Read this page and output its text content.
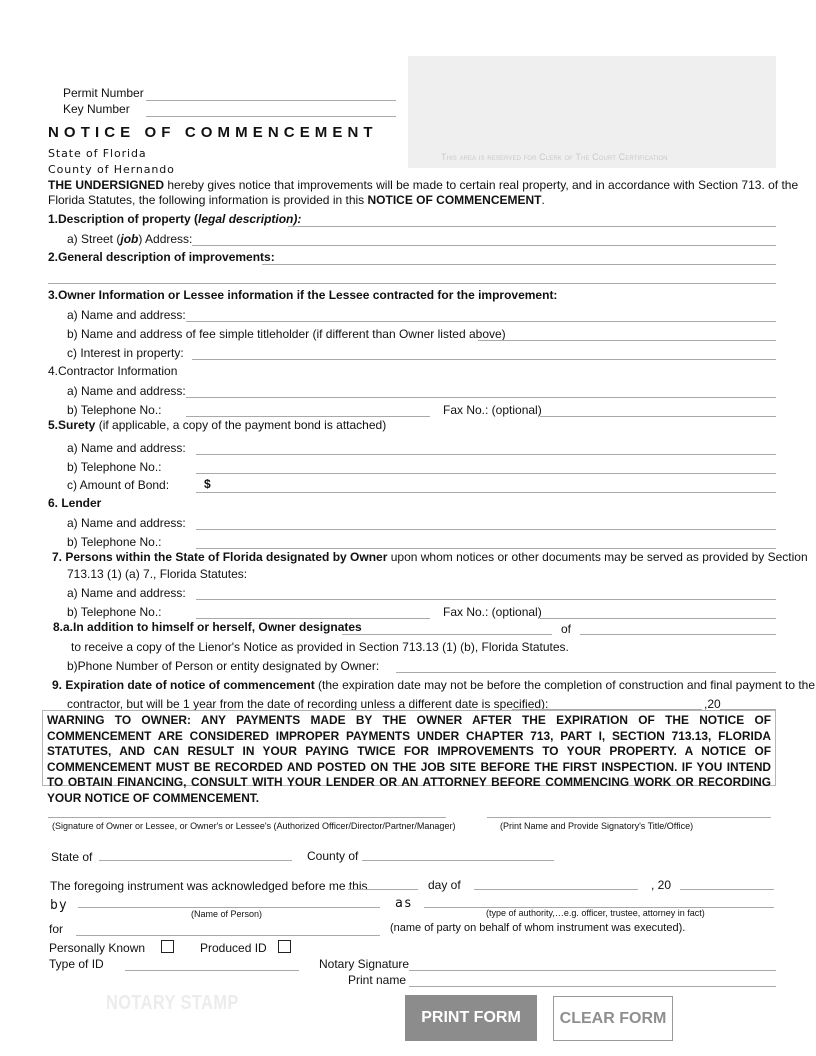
This area is reserved for Clerk of The Court Certification
Permit Number
Key Number
NOTICE OF COMMENCEMENT
State of Florida
County of Hernando
THE UNDERSIGNED hereby gives notice that improvements will be made to certain real property, and in accordance with Section 713. of the
Florida Statutes, the following information is provided in this NOTICE OF COMMENCEMENT.
1.Description of property (legal description):
a) Street (job) Address:
2.General description of improvements:
3.Owner Information or Lessee information if the Lessee contracted for the improvement:
a) Name and address:
b) Name and address of fee simple titleholder (if different than Owner listed above)
c) Interest in property:
4.Contractor Information
a) Name and address:
b) Telephone No.:	Fax No.: (optional)
5.Surety (if applicable, a copy of the payment bond is attached)
a) Name and address:
b) Telephone No.:
c) Amount of Bond:	$
6. Lender
a) Name and address:
b) Telephone No.:
7. Persons within the State of Florida designated by Owner upon whom notices or other documents may be served as provided by Section
713.13 (1) (a) 7., Florida Statutes:
a) Name and address:
b) Telephone No.:	Fax No.: (optional)
8.a.In addition to himself or herself, Owner designates	of
to receive a copy of the Lienor's Notice as provided in Section 713.13 (1) (b), Florida Statutes.
b)Phone Number of Person or entity designated by Owner:
9. Expiration date of notice of commencement (the expiration date may not be before the completion of construction and final payment to the
contractor, but will be 1 year from the date of recording unless a different date is specified):	,20
WARNING TO OWNER: ANY PAYMENTS MADE BY THE OWNER AFTER THE EXPIRATION OF THE NOTICE OF COMMENCEMENT ARE CONSIDERED IMPROPER PAYMENTS UNDER CHAPTER 713, PART I, SECTION 713.13, FLORIDA STATUTES, AND CAN RESULT IN YOUR PAYING TWICE FOR IMPROVEMENTS TO YOUR PROPERTY. A NOTICE OF COMMENCEMENT MUST BE RECORDED AND POSTED ON THE JOB SITE BEFORE THE FIRST INSPECTION. IF YOU INTEND TO OBTAIN FINANCING, CONSULT WITH YOUR LENDER OR AN ATTORNEY BEFORE COMMENCING WORK OR RECORDING YOUR NOTICE OF COMMENCEMENT.
(Signature of Owner or Lessee, or Owner's or Lessee's (Authorized Officer/Director/Partner/Manager)	(Print Name and Provide Signatory's Title/Office)
State of	County of
The foregoing instrument was acknowledged before me this	day of	, 20
by
(Name of Person)
as
(type of authority,…e.g. officer, trustee, attorney in fact)
for	(name of party on behalf of whom instrument was executed).
Personally Known	Produced ID
Type of ID	Notary Signature
Print name
NOTARY STAMP
PRINT FORM	CLEAR FORM
